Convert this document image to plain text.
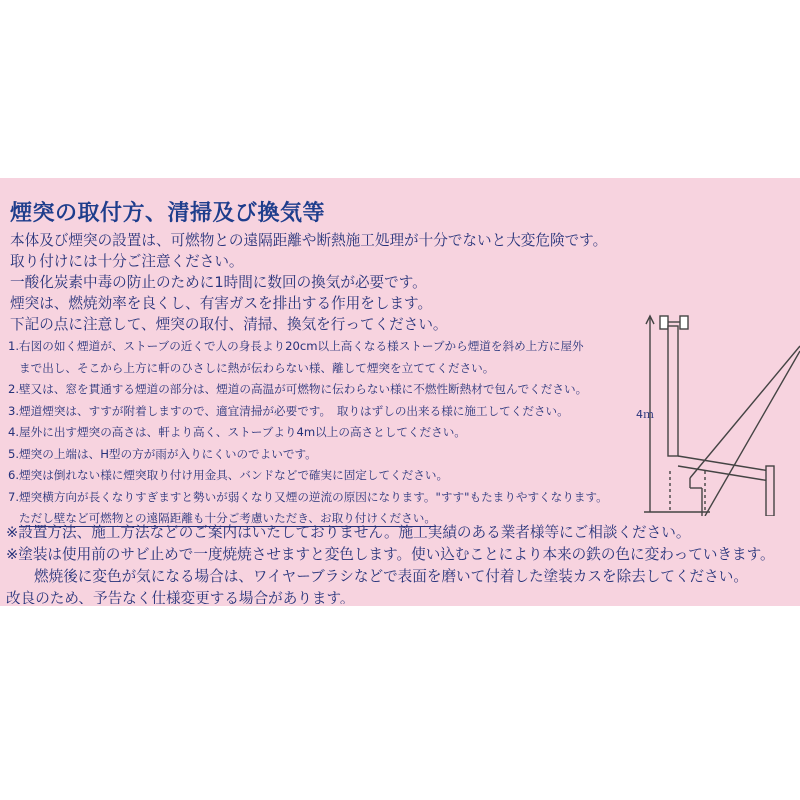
煙突の取付方、清掃及び換気等
本体及び煙突の設置は、可燃物との遠隔距離や断熱施工処理が十分でないと大変危険です。
取り付けには十分ご注意ください。
一酸化炭素中毒の防止のために1時間に数回の換気が必要です。
煙突は、燃焼効率を良くし、有害ガスを排出する作用をします。
下記の点に注意して、煙突の取付、清掃、換気を行ってください。
1.右図の如く煙道が、ストーブの近くで人の身長より20cm以上高くなる様ストーブから煙道を斜め上方に屋外
まで出し、そこから上方に軒のひさしに熱が伝わらない様、離して煙突を立ててください。
2.壁又は、窓を貫通する煙道の部分は、煙道の高温が可燃物に伝わらない様に不燃性断熱材で包んでください。
3.煙道煙突は、すすが附着しますので、適宜清掃が必要です。　取りはずしの出来る様に施工してください。
4.屋外に出す煙突の高さは、軒より高く、ストーブより4m以上の高さとしてください。
5.煙突の上端は、H型の方が雨が入りにくいのでよいです。
6.煙突は倒れない様に煙突取り付け用金具、バンドなどで確実に固定してください。
7.煙突横方向が長くなりすぎますと勢いが弱くなり又煙の逆流の原因になります。"すす"もたまりやすくなります。
ただし壁など可燃物との遠隔距離も十分ご考慮いただき、お取り付けください。
4ｍ
※設置方法、施工方法などのご案内はいたしておりません。施工実績のある業者様等にご相談ください。
※塗装は使用前のサビ止めで一度焼焼させますと変色します。使い込むことにより本来の鉄の色に変わっていきます。
燃焼後に変色が気になる場合は、ワイヤーブラシなどで表面を磨いて付着した塗装カスを除去してください。
改良のため、予告なく仕様変更する場合があります。
